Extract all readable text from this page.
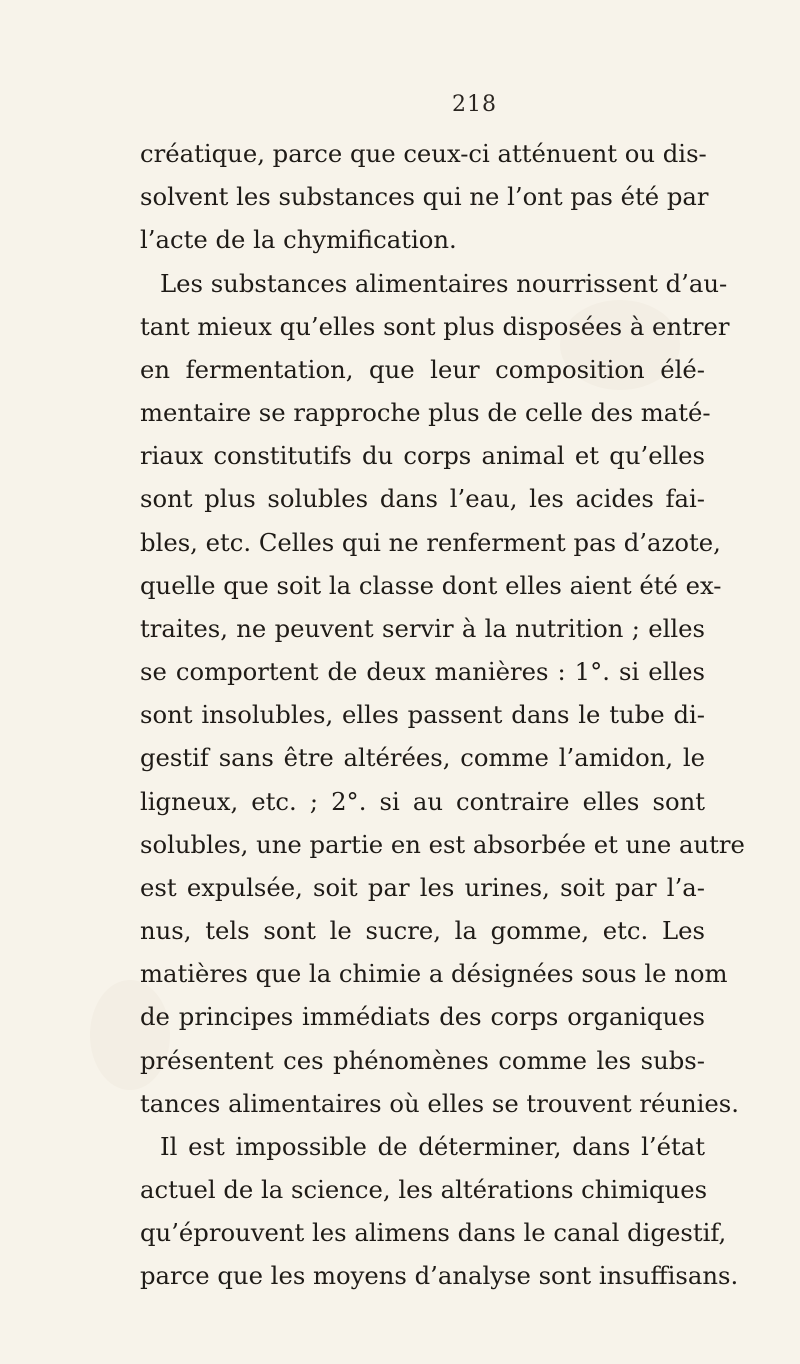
218
créatique, parce que ceux-ci atténuent ou dis-
solvent les substances qui ne l’ont pas été par
l’acte de la chymification.
Les substances alimentaires nourrissent d’au-
tant mieux qu’elles sont plus disposées à entrer
en fermentation, que leur composition élé-
mentaire se rapproche plus de celle des maté-
riaux constitutifs du corps animal et qu’elles
sont plus solubles dans l’eau, les acides fai-
bles, etc. Celles qui ne renferment pas d’azote,
quelle que soit la classe dont elles aient été ex-
traites, ne peuvent servir à la nutrition ; elles
se comportent de deux manières : 1°. si elles
sont insolubles, elles passent dans le tube di-
gestif sans être altérées, comme l’amidon, le
ligneux, etc. ; 2°. si au contraire elles sont
solubles, une partie en est absorbée et une autre
est expulsée, soit par les urines, soit par l’a-
nus, tels sont le sucre, la gomme, etc. Les
matières que la chimie a désignées sous le nom
de principes immédiats des corps organiques
présentent ces phénomènes comme les subs-
tances alimentaires où elles se trouvent réunies.
Il est impossible de déterminer, dans l’état
actuel de la science, les altérations chimiques
qu’éprouvent les alimens dans le canal digestif,
parce que les moyens d’analyse sont insuffisans.
